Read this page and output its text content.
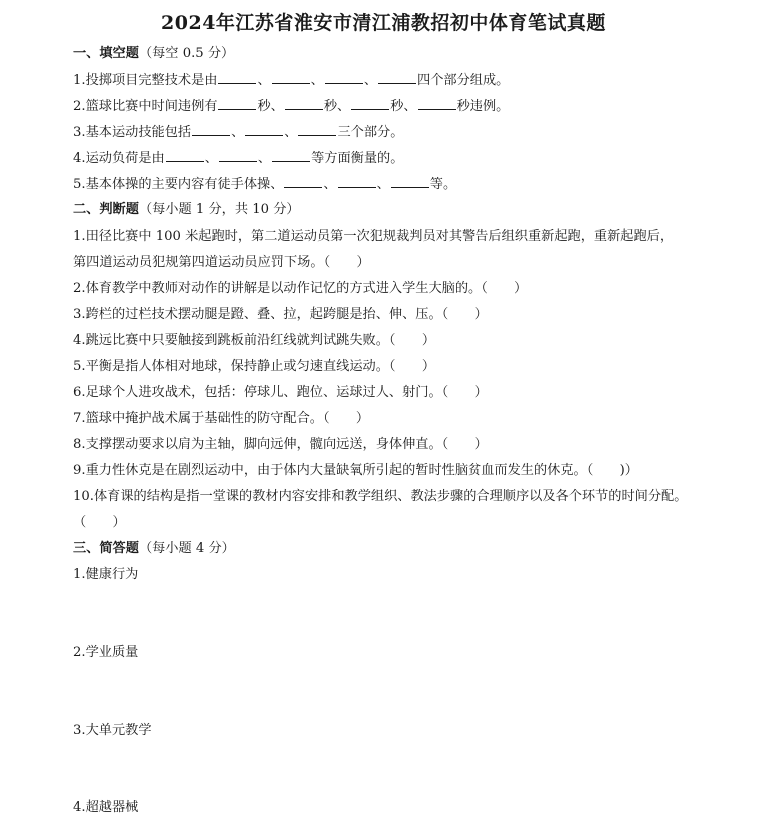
2024年江苏省淮安市清江浦教招初中体育笔试真题
一、填空题（每空 0.5 分）
1.投掷项目完整技术是由	、	、	、	四个部分组成。
2.篮球比赛中时间违例有	秒、	秒、	秒、	秒违例。
3.基本运动技能包括	、	、	三个部分。
4.运动负荷是由	、	、	等方面衡量的。
5.基本体操的主要内容有徒手体操、	、	、	等。
二、判断题（每小题 1 分，共 10 分）
1.田径比赛中 100 米起跑时，第二道运动员第一次犯规裁判员对其警告后组织重新起跑，重新起跑后，
第四道运动员犯规第四道运动员应罚下场。（　　）
2.体育教学中教师对动作的讲解是以动作记忆的方式进入学生大脑的。（　　）
3.跨栏的过栏技术摆动腿是蹬、叠、拉，起跨腿是抬、伸、压。（　　）
4.跳远比赛中只要触接到跳板前沿红线就判试跳失败。（　　）
5.平衡是指人体相对地球，保持静止或匀速直线运动。（　　）
6.足球个人进攻战术，包括：停球儿、跑位、运球过人、射门。（　　）
7.篮球中掩护战术属于基础性的防守配合。（　　）
8.支撑摆动要求以肩为主轴，脚向远伸，髋向远送，身体伸直。（　　）
9.重力性休克是在剧烈运动中，由于体内大量缺氧所引起的暂时性脑贫血而发生的休克。（　　)）
10.体育课的结构是指一堂课的教材内容安排和教学组织、教法步骤的合理顺序以及各个环节的时间分配。
（　　）
三、简答题（每小题 4 分）
1.健康行为
2.学业质量
3.大单元教学
4.超越器械
